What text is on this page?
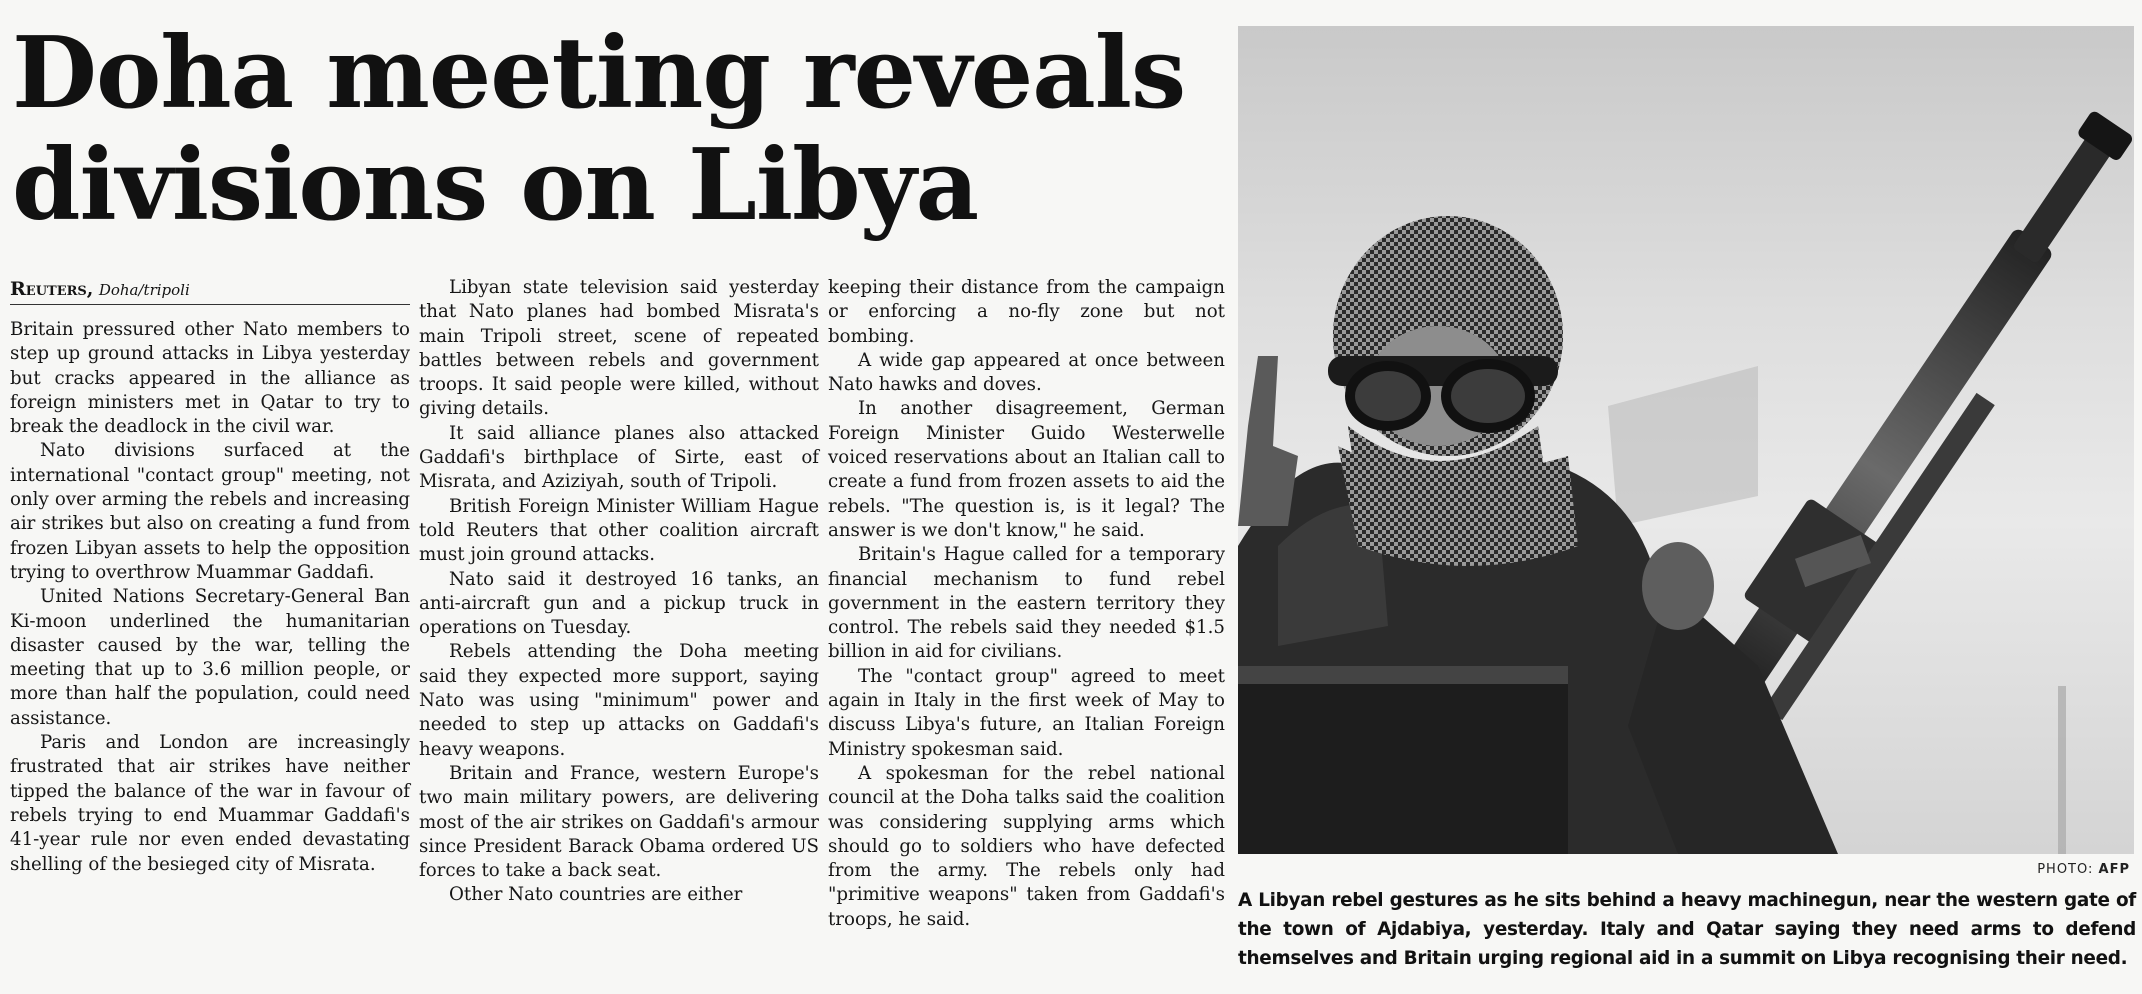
Doha meeting reveals
divisions on Libya
Reuters, Doha/tripoli

Britain pressured other Nato members to step up ground attacks in Libya yesterday but cracks appeared in the alliance as foreign ministers met in Qatar to try to break the deadlock in the civil war.

Nato divisions surfaced at the international "contact group" meeting, not only over arming the rebels and increasing air strikes but also on creating a fund from frozen Libyan assets to help the opposition trying to overthrow Muammar Gaddafi.

United Nations Secretary-General Ban Ki-moon underlined the humanitarian disaster caused by the war, telling the meeting that up to 3.6 million people, or more than half the population, could need assistance.

Paris and London are increasingly frustrated that air strikes have neither tipped the balance of the war in favour of rebels trying to end Muammar Gaddafi's 41-year rule nor even ended devastating shelling of the besieged city of Misrata.

Libyan state television said yesterday that Nato planes had bombed Misrata's main Tripoli street, scene of repeated battles between rebels and government troops. It said people were killed, without giving details.

It said alliance planes also attacked Gaddafi's birthplace of Sirte, east of Misrata, and Aziziyah, south of Tripoli.

British Foreign Minister William Hague told Reuters that other coalition aircraft must join ground attacks.

Nato said it destroyed 16 tanks, an anti-aircraft gun and a pickup truck in operations on Tuesday.

Rebels attending the Doha meeting said they expected more support, saying Nato was using "minimum" power and needed to step up attacks on Gaddafi's heavy weapons.

Britain and France, western Europe's two main military powers, are delivering most of the air strikes on Gaddafi's armour since President Barack Obama ordered US forces to take a back seat.

Other Nato countries are either

keeping their distance from the campaign or enforcing a no-fly zone but not bombing.

A wide gap appeared at once between Nato hawks and doves.

In another disagreement, German Foreign Minister Guido Westerwelle voiced reservations about an Italian call to create a fund from frozen assets to aid the rebels. "The question is, is it legal? The answer is we don't know," he said.

Britain's Hague called for a temporary financial mechanism to fund rebel government in the eastern territory they control. The rebels said they needed $1.5 billion in aid for civilians.

The "contact group" agreed to meet again in Italy in the first week of May to discuss Libya's future, an Italian Foreign Ministry spokesman said.

A spokesman for the rebel national council at the Doha talks said the coalition was considering supplying arms which should go to soldiers who have defected from the army. The rebels only had "primitive weapons" taken from Gaddafi's troops, he said.

PHOTO: AFP
A Libyan rebel gestures as he sits behind a heavy machinegun, near the western gate of the town of Ajdabiya, yesterday. Italy and Qatar saying they need arms to defend themselves and Britain urging regional aid in a summit on Libya recognising their need.
